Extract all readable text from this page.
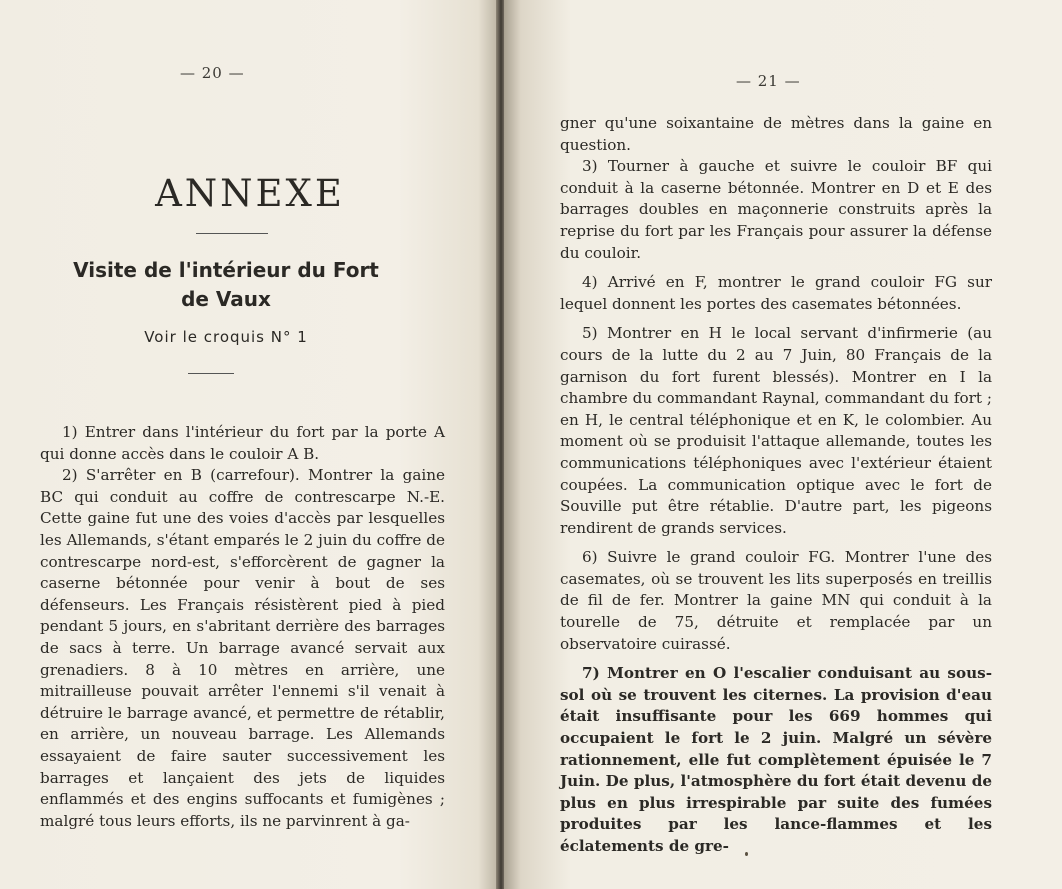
— 20 —
ANNEXE
Visite de l'intérieur du Fort
de Vaux
Voir le croquis N° 1

1) Entrer dans l'intérieur du fort par la porte A qui donne accès dans le couloir A B.

2) S'arrêter en B (carrefour). Montrer la gaine BC qui conduit au coffre de contrescarpe N.-E. Cette gaine fut une des voies d'accès par lesquelles les Allemands, s'étant emparés le 2 juin du coffre de contrescarpe nord-est, s'efforcèrent de gagner la caserne bétonnée pour venir à bout de ses défenseurs. Les Français résistèrent pied à pied pendant 5 jours, en s'abritant derrière des barrages de sacs à terre. Un barrage avancé servait aux grenadiers. 8 à 10 mètres en arrière, une mitrailleuse pouvait arrêter l'ennemi s'il venait à détruire le barrage avancé, et permettre de rétablir, en arrière, un nouveau barrage. Les Allemands essayaient de faire sauter successivement les barrages et lançaient des jets de liquides enflammés et des engins suffocants et fumigènes ; malgré tous leurs efforts, ils ne parvinrent à ga-

— 21 —

gner qu'une soixantaine de mètres dans la gaine en question.

3) Tourner à gauche et suivre le couloir BF qui conduit à la caserne bétonnée. Montrer en D et E des barrages doubles en maçonnerie construits après la reprise du fort par les Français pour assurer la défense du couloir.

4) Arrivé en F, montrer le grand couloir FG sur lequel donnent les portes des casemates bétonnées.

5) Montrer en H le local servant d'infirmerie (au cours de la lutte du 2 au 7 Juin, 80 Français de la garnison du fort furent blessés). Montrer en I la chambre du commandant Raynal, commandant du fort ; en H, le central téléphonique et en K, le colombier. Au moment où se produisit l'attaque allemande, toutes les communications téléphoniques avec l'extérieur étaient coupées. La communication optique avec le fort de Souville put être rétablie. D'autre part, les pigeons rendirent de grands services.

6) Suivre le grand couloir FG. Montrer l'une des casemates, où se trouvent les lits superposés en treillis de fil de fer. Montrer la gaine MN qui conduit à la tourelle de 75, détruite et remplacée par un observatoire cuirassé.

7) Montrer en O l'escalier conduisant au sous-sol où se trouvent les citernes. La provision d'eau était insuffisante pour les 669 hommes qui occupaient le fort le 2 juin. Malgré un sévère rationnement, elle fut complètement épuisée le 7 Juin. De plus, l'atmosphère du fort était devenu de plus en plus irrespirable par suite des fumées produites par les lance-flammes et les éclatements de gre-
